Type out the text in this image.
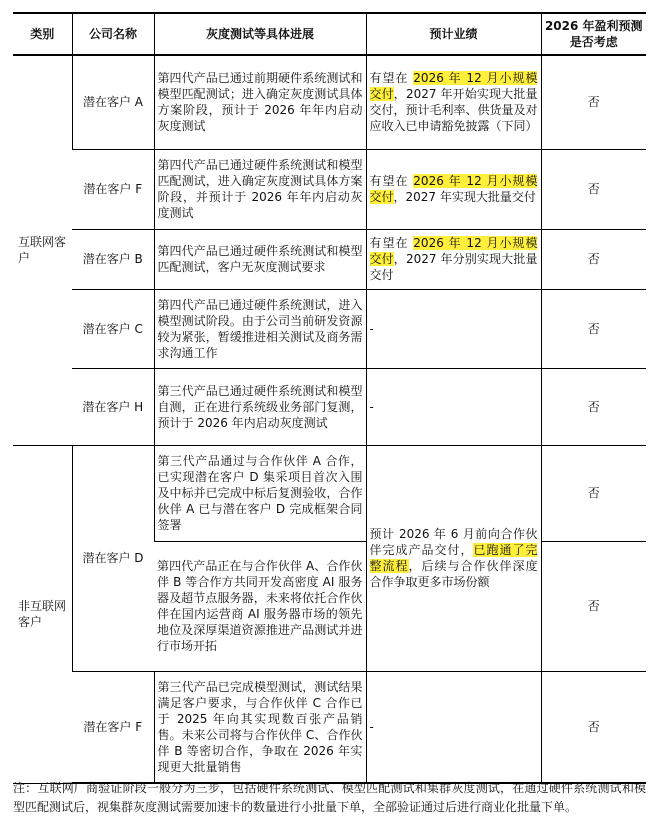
类别	公司名称	灰度测试等具体进展	预计业绩	2026 年盈利预测是否考虑
互联网客户	潜在客户 A	第四代产品已通过前期硬件系统测试和模型匹配测试；进入确定灰度测试具体方案阶段，预计于 2026 年年内启动灰度测试	有望在 2026 年 12 月小规模交付，2027 年开始实现大批量交付，预计毛利率、供货量及对应收入已申请豁免披露（下同）	否
	潜在客户 F	第四代产品已通过硬件系统测试和模型匹配测试，进入确定灰度测试具体方案阶段，并预计于 2026 年年内启动灰度测试	有望在 2026 年 12 月小规模交付，2027 年实现大批量交付	否
	潜在客户 B	第四代产品已通过硬件系统测试和模型匹配测试，客户无灰度测试要求	有望在 2026 年 12 月小规模交付，2027 年分别实现大批量交付	否
	潜在客户 C	第四代产品已通过硬件系统测试，进入模型测试阶段。由于公司当前研发资源较为紧张，暂缓推进相关测试及商务需求沟通工作	-	否
	潜在客户 H	第三代产品已通过硬件系统测试和模型自测，正在进行系统级业务部门复测，预计于 2026 年内启动灰度测试	-	否
非互联网客户	潜在客户 D	第三代产品通过与合作伙伴 A 合作，已实现潜在客户 D 集采项目首次入围及中标并已完成中标后复测验收，合作伙伴 A 已与潜在客户 D 完成框架合同签署	预计 2026 年 6 月前向合作伙伴完成产品交付，已跑通了完整流程，后续与合作伙伴深度合作争取更多市场份额	否
		第四代产品正在与合作伙伴 A、合作伙伴 B 等合作方共同开发高密度 AI 服务器及超节点服务器，未来将依托合作伙伴在国内运营商 AI 服务器市场的领先地位及深厚渠道资源推进产品测试并进行市场开拓		否
	潜在客户 F	第三代产品已完成模型测试，测试结果满足客户要求，与合作伙伴 C 合作已于 2025 年向其实现数百张产品销售。未来公司将与合作伙伴 C、合作伙伴 B 等密切合作，争取在 2026 年实现更大批量销售	-	否
注：互联网厂商验证阶段一般分为三步，包括硬件系统测试、模型匹配测试和集群灰度测试，在通过硬件系统测试和模型匹配测试后，视集群灰度测试需要加速卡的数量进行小批量下单，全部验证通过后进行商业化批量下单。
